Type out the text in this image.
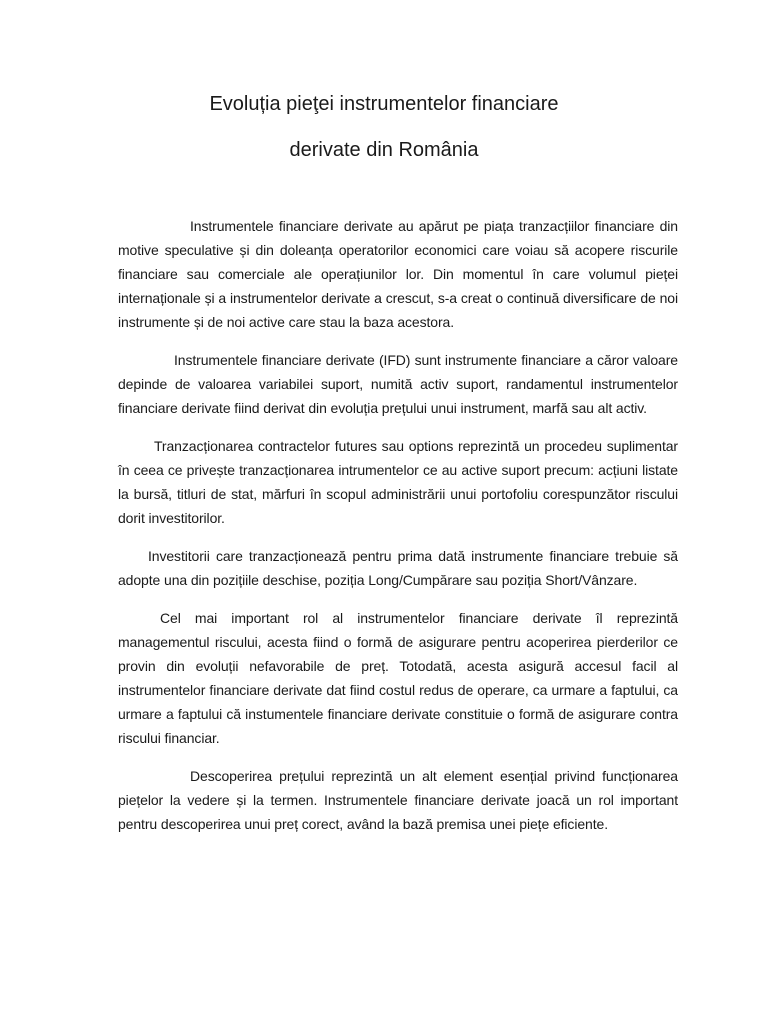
Evoluția pieţei instrumentelor financiare
derivate din România

Instrumentele financiare derivate au apărut pe piața tranzacțiilor financiare din motive speculative și din doleanța operatorilor economici care voiau să acopere riscurile financiare sau comerciale ale operațiunilor lor. Din momentul în care volumul pieței internaționale și a instrumentelor derivate a crescut, s-a creat o continuă diversificare de noi instrumente și de noi active care stau la baza acestora.

Instrumentele financiare derivate (IFD) sunt instrumente financiare a căror valoare depinde de valoarea variabilei suport, numită activ suport, randamentul instrumentelor financiare derivate fiind derivat din evoluția prețului unui instrument, marfă sau alt activ.

Tranzacționarea contractelor futures sau options reprezintă un procedeu suplimentar în ceea ce privește tranzacționarea intrumentelor ce au active suport precum: acțiuni listate la bursă, titluri de stat, mărfuri în scopul administrării unui portofoliu corespunzător riscului dorit investitorilor.

Investitorii care tranzacționează pentru prima dată instrumente financiare trebuie să adopte una din pozițiile deschise, poziția Long/Cumpărare sau poziția Short/Vânzare.

Cel mai important rol al instrumentelor financiare derivate îl reprezintă managementul riscului, acesta fiind o formă de asigurare pentru acoperirea pierderilor ce provin din evoluții nefavorabile de preț. Totodată, acesta asigură accesul facil al instrumentelor financiare derivate dat fiind costul redus de operare, ca urmare a faptului, ca urmare a faptului că instumentele financiare derivate constituie o formă de asigurare contra riscului financiar.

Descoperirea prețului reprezintă un alt element esențial privind funcționarea piețelor la vedere și la termen. Instrumentele financiare derivate joacă un rol important pentru descoperirea unui preț corect, având la bază premisa unei piețe eficiente.
